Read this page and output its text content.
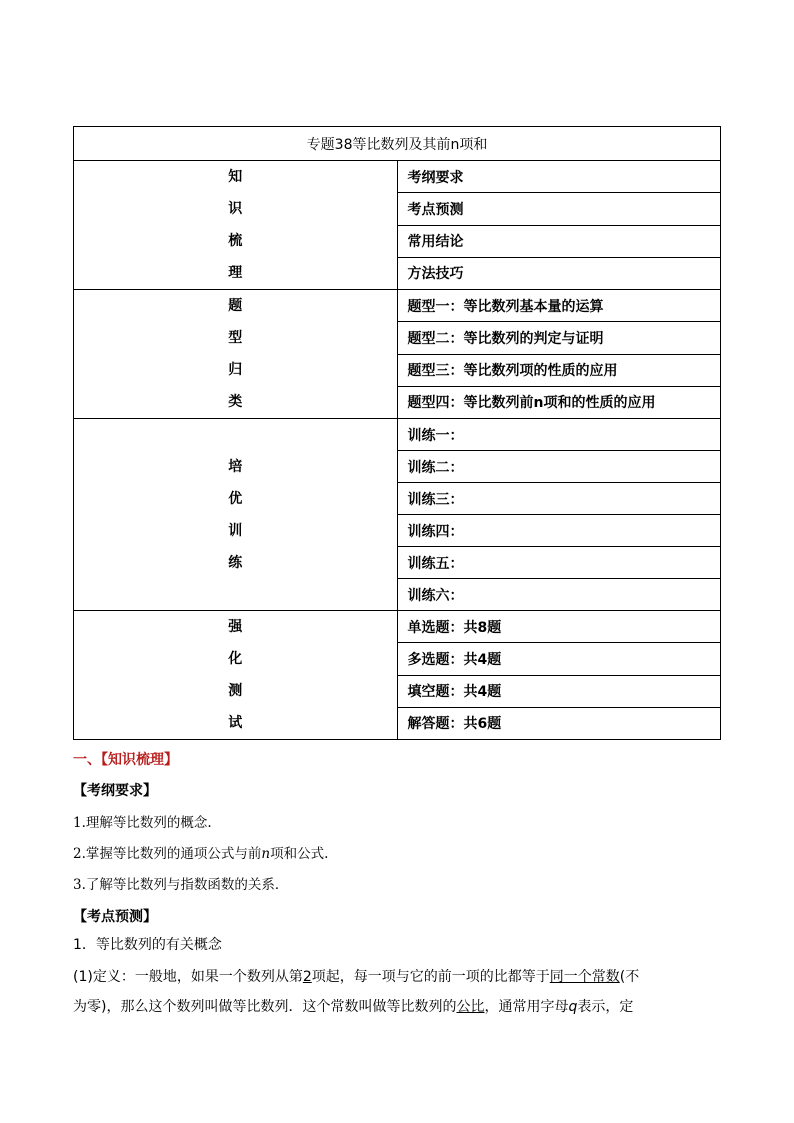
专题38等比数列及其前n项和	

知
识
梳
理	考纲要求
	考点预测
	常用结论
	方法技巧

题
型
归
类	题型一：等比数列基本量的运算
	题型二：等比数列的判定与证明
	题型三：等比数列项的性质的应用
	题型四：等比数列前n项和的性质的应用

培
优
训
练	训练一：
	训练二：
	训练三：
	训练四：
	训练五：
	训练六：

强
化
测
试	单选题：共8题
	多选题：共4题
	填空题：共4题
	解答题：共6题
一、【知识梳理】
【考纲要求】
1.理解等比数列的概念.
2.掌握等比数列的通项公式与前n项和公式.
3.了解等比数列与指数函数的关系．
【考点预测】
1．等比数列的有关概念
(1)定义：一般地，如果一个数列从第2项起，每一项与它的前一项的比都等于同一个常数(不
为零)，那么这个数列叫做等比数列．这个常数叫做等比数列的公比，通常用字母q表示，定
